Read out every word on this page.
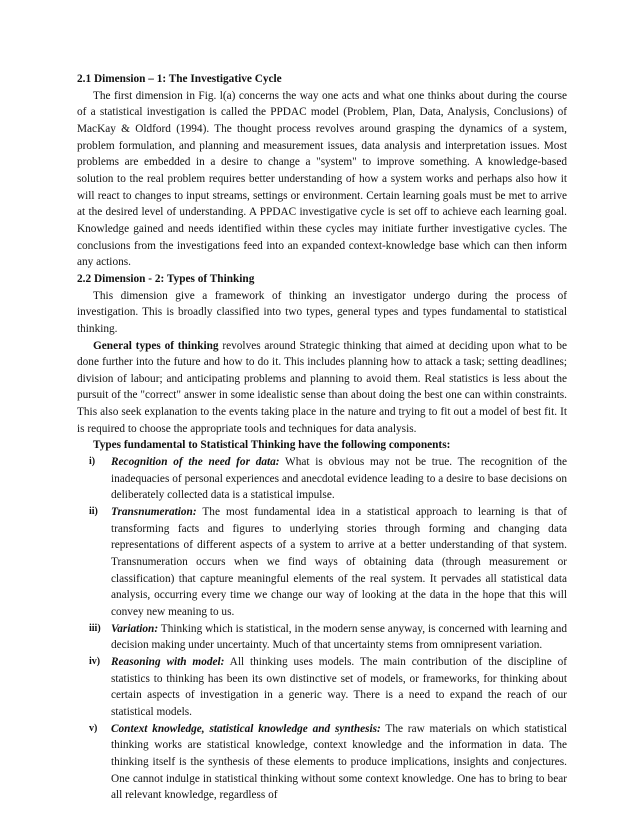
2.1 Dimension – 1: The Investigative Cycle

The first dimension in Fig. l(a) concerns the way one acts and what one thinks about during the course of a statistical investigation is called the PPDAC model (Problem, Plan, Data, Analysis, Conclusions) of MacKay & Oldford (1994). The thought process revolves around grasping the dynamics of a system, problem formulation, and planning and measurement issues, data analysis and interpretation issues. Most problems are embedded in a desire to change a "system" to improve something. A knowledge-based solution to the real problem requires better understanding of how a system works and perhaps also how it will react to changes to input streams, settings or environment. Certain learning goals must be met to arrive at the desired level of understanding. A PPDAC investigative cycle is set off to achieve each learning goal. Knowledge gained and needs identified within these cycles may initiate further investigative cycles. The conclusions from the investigations feed into an expanded context-knowledge base which can then inform any actions.

2.2 Dimension - 2: Types of Thinking

This dimension give a framework of thinking an investigator undergo during the process of investigation. This is broadly classified into two types, general types and types fundamental to statistical thinking.

General types of thinking revolves around Strategic thinking that aimed at deciding upon what to be done further into the future and how to do it. This includes planning how to attack a task; setting deadlines; division of labour; and anticipating problems and planning to avoid them. Real statistics is less about the pursuit of the "correct" answer in some idealistic sense than about doing the best one can within constraints. This also seek explanation to the events taking place in the nature and trying to fit out a model of best fit. It is required to choose the appropriate tools and techniques for data analysis.

Types fundamental to Statistical Thinking have the following components:

i) Recognition of the need for data: What is obvious may not be true. The recognition of the inadequacies of personal experiences and anecdotal evidence leading to a desire to base decisions on deliberately collected data is a statistical impulse.
ii) Transnumeration: The most fundamental idea in a statistical approach to learning is that of transforming facts and figures to underlying stories through forming and changing data representations of different aspects of a system to arrive at a better understanding of that system. Transnumeration occurs when we find ways of obtaining data (through measurement or classification) that capture meaningful elements of the real system. It pervades all statistical data analysis, occurring every time we change our way of looking at the data in the hope that this will convey new meaning to us.
iii) Variation: Thinking which is statistical, in the modern sense anyway, is concerned with learning and decision making under uncertainty. Much of that uncertainty stems from omnipresent variation.
iv) Reasoning with model: All thinking uses models. The main contribution of the discipline of statistics to thinking has been its own distinctive set of models, or frameworks, for thinking about certain aspects of investigation in a generic way. There is a need to expand the reach of our statistical models.
v) Context knowledge, statistical knowledge and synthesis: The raw materials on which statistical thinking works are statistical knowledge, context knowledge and the information in data. The thinking itself is the synthesis of these elements to produce implications, insights and conjectures. One cannot indulge in statistical thinking without some context knowledge. One has to bring to bear all relevant knowledge, regardless of
